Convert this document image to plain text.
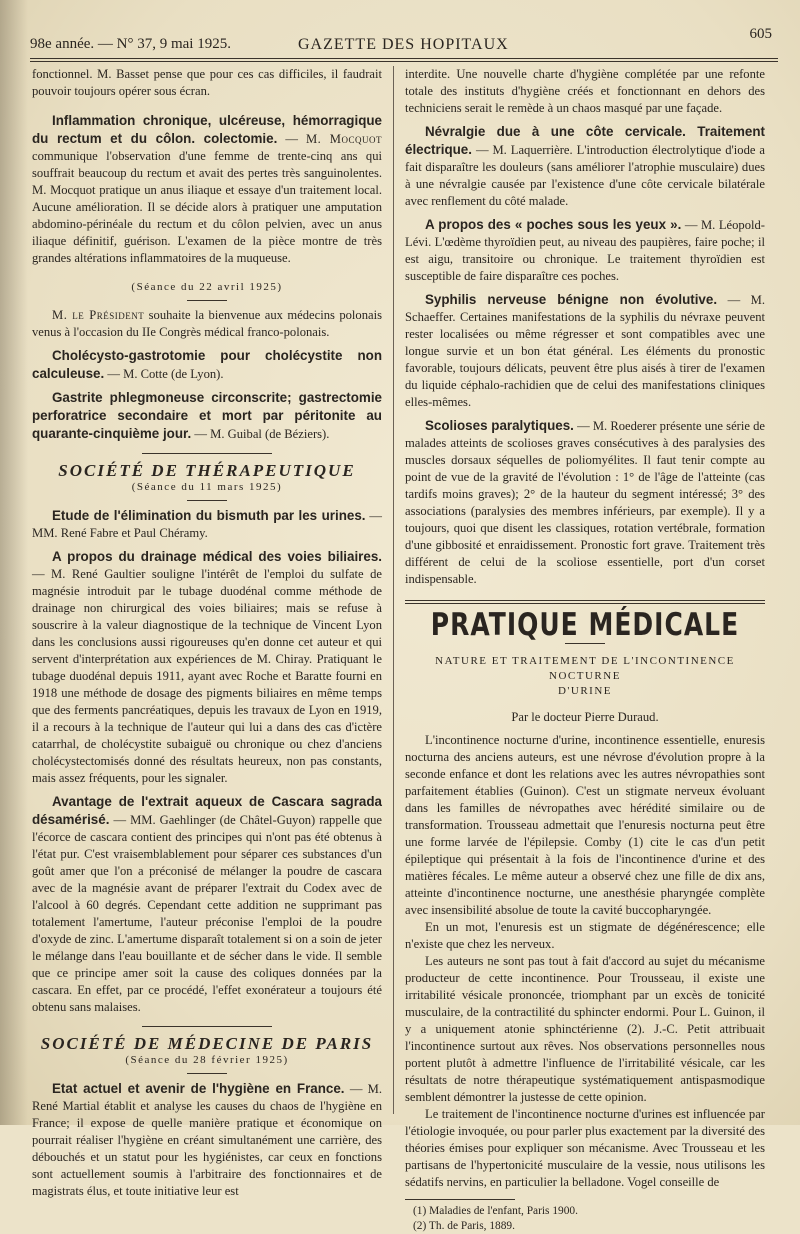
98e année. — N° 37, 9 mai 1925.	GAZETTE DES HOPITAUX
605

fonctionnel. M. Basset pense que pour ces cas difficiles, il faudrait pouvoir toujours opérer sous écran.

Inflammation chronique, ulcéreuse, hémorragique du rectum et du côlon. colectomie. — M. Mocquot communique l'observation d'une femme de trente-cinq ans qui souffrait beaucoup du rectum et avait des pertes très sanguinolentes. M. Mocquot pratique un anus iliaque et essaye d'un traitement local. Aucune amélioration. Il se décide alors à pratiquer une amputation abdomino-périnéale du rectum et du côlon pelvien, avec un anus iliaque définitif, guérison. L'examen de la pièce montre de très grandes altérations inflammatoires de la muqueuse.

(Séance du 22 avril 1925)

M. le Président souhaite la bienvenue aux médecins polonais venus à l'occasion du IIe Congrès médical franco-polonais.

Cholécysto-gastrotomie pour cholécystite non calculeuse. — M. Cotte (de Lyon).

Gastrite phlegmoneuse circonscrite; gastrectomie perforatrice secondaire et mort par péritonite au quarante-cinquième jour. — M. Guibal (de Béziers).

SOCIÉTÉ DE THÉRAPEUTIQUE
(Séance du 11 mars 1925)

Etude de l'élimination du bismuth par les urines. — MM. René Fabre et Paul Chéramy.

A propos du drainage médical des voies biliaires. — M. René Gaultier souligne l'intérêt de l'emploi du sulfate de magnésie introduit par le tubage duodénal comme méthode de drainage non chirurgical des voies biliaires; mais se refuse à souscrire à la valeur diagnostique de la technique de Vincent Lyon dans les conclusions aussi rigoureuses qu'en donne cet auteur et qui servent d'interprétation aux expériences de M. Chiray. Pratiquant le tubage duodénal depuis 1911, ayant avec Roche et Baratte fourni en 1918 une méthode de dosage des pigments biliaires en même temps que des ferments pancréatiques, depuis les travaux de Lyon en 1919, il a recours à la technique de l'auteur qui lui a dans des cas d'ictère catarrhal, de cholécystite subaiguë ou chronique ou chez d'anciens cholécystectomisés donné des résultats heureux, non pas constants, mais assez fréquents, pour les signaler.

Avantage de l'extrait aqueux de Cascara sagrada désamérisé. — MM. Gaehlinger (de Châtel-Guyon) rappelle que l'écorce de cascara contient des principes qui n'ont pas été obtenus à l'état pur. C'est vraisemblablement pour séparer ces substances d'un goût amer que l'on a préconisé de mélanger la poudre de cascara avec de la magnésie avant de préparer l'extrait du Codex avec de l'alcool à 60 degrés. Cependant cette addition ne supprimant pas totalement l'amertume, l'auteur préconise l'emploi de la poudre d'oxyde de zinc. L'amertume disparaît totalement si on a soin de jeter le mélange dans l'eau bouillante et de sécher dans le vide. Il semble que ce principe amer soit la cause des coliques données par la cascara. En effet, par ce procédé, l'effet exonérateur a toujours été obtenu sans malaises.

SOCIÉTÉ DE MÉDECINE DE PARIS
(Séance du 28 février 1925)

Etat actuel et avenir de l'hygiène en France. — M. René Martial établit et analyse les causes du chaos de l'hygiène en France; il expose de quelle manière pratique et économique on pourrait réaliser l'hygiène en créant simultanément une carrière, des débouchés et un statut pour les hygiénistes, car ceux en fonctions sont actuellement soumis à l'arbitraire des fonctionnaires et de magistrats élus, et toute initiative leur est

interdite. Une nouvelle charte d'hygiène complétée par une refonte totale des instituts d'hygiène créés et fonctionnant en dehors des techniciens serait le remède à un chaos masqué par une façade.

Névralgie due à une côte cervicale. Traitement électrique. — M. Laquerrière. L'introduction électrolytique d'iode a fait disparaître les douleurs (sans améliorer l'atrophie musculaire) dues à une névralgie causée par l'existence d'une côte cervicale bilatérale avec renflement du côté malade.

A propos des « poches sous les yeux ». — M. Léopold-Lévi. L'œdème thyroïdien peut, au niveau des paupières, faire poche; il est aigu, transitoire ou chronique. Le traitement thyroïdien est susceptible de faire disparaître ces poches.

Syphilis nerveuse bénigne non évolutive. — M. Schaeffer. Certaines manifestations de la syphilis du névraxe peuvent rester localisées ou même régresser et sont compatibles avec une longue survie et un bon état général. Les éléments du pronostic favorable, toujours délicats, peuvent être plus aisés à tirer de l'examen du liquide céphalo-rachidien que de celui des manifestations cliniques elles-mêmes.

Scolioses paralytiques. — M. Roederer présente une série de malades atteints de scolioses graves consécutives à des paralysies des muscles dorsaux séquelles de poliomyélites. Il faut tenir compte au point de vue de la gravité de l'évolution : 1° de l'âge de l'atteinte (cas tardifs moins graves); 2° de la hauteur du segment intéressé; 3° des associations (paralysies des membres inférieurs, par exemple). Il y a toujours, quoi que disent les classiques, rotation vertébrale, formation d'une gibbosité et enraidissement. Pronostic fort grave. Traitement très différent de celui de la scoliose essentielle, port d'un corset indispensable.

PRATIQUE MÉDICALE
NATURE ET TRAITEMENT DE L'INCONTINENCE NOCTURNE
D'URINE
Par le docteur Pierre Duraud.

L'incontinence nocturne d'urine, incontinence essentielle, enuresis nocturna des anciens auteurs, est une névrose d'évolution propre à la seconde enfance et dont les relations avec les autres névropathies sont parfaitement établies (Guinon). C'est un stigmate nerveux évoluant dans les familles de névropathes avec hérédité similaire ou de transformation. Trousseau admettait que l'enuresis nocturna peut être une forme larvée de l'épilepsie. Comby (1) cite le cas d'un petit épileptique qui présentait à la fois de l'incontinence d'urine et des matières fécales. Le même auteur a observé chez une fille de dix ans, atteinte d'incontinence nocturne, une anesthésie pharyngée complète avec insensibilité absolue de toute la cavité buccopharyngée.

En un mot, l'enuresis est un stigmate de dégénérescence; elle n'existe que chez les nerveux.

Les auteurs ne sont pas tout à fait d'accord au sujet du mécanisme producteur de cette incontinence. Pour Trousseau, il existe une irritabilité vésicale prononcée, triomphant par un excès de tonicité musculaire, de la contractilité du sphincter endormi. Pour L. Guinon, il y a uniquement atonie sphinctérienne (2). J.-C. Petit attribuait l'incontinence surtout aux rêves. Nos observations personnelles nous portent plutôt à admettre l'influence de l'irritabilité vésicale, car les résultats de notre thérapeutique systématiquement antispasmodique semblent démontrer la justesse de cette opinion.

Le traitement de l'incontinence nocturne d'urines est influencée par l'étiologie invoquée, ou pour parler plus exactement par la diversité des théories émises pour expliquer son mécanisme. Avec Trousseau et les partisans de l'hypertonicité musculaire de la vessie, nous utilisons les sédatifs nervins, en particulier la belladone. Vogel conseille de

(1) Maladies de l'enfant, Paris 1900.

(2) Th. de Paris, 1889.
